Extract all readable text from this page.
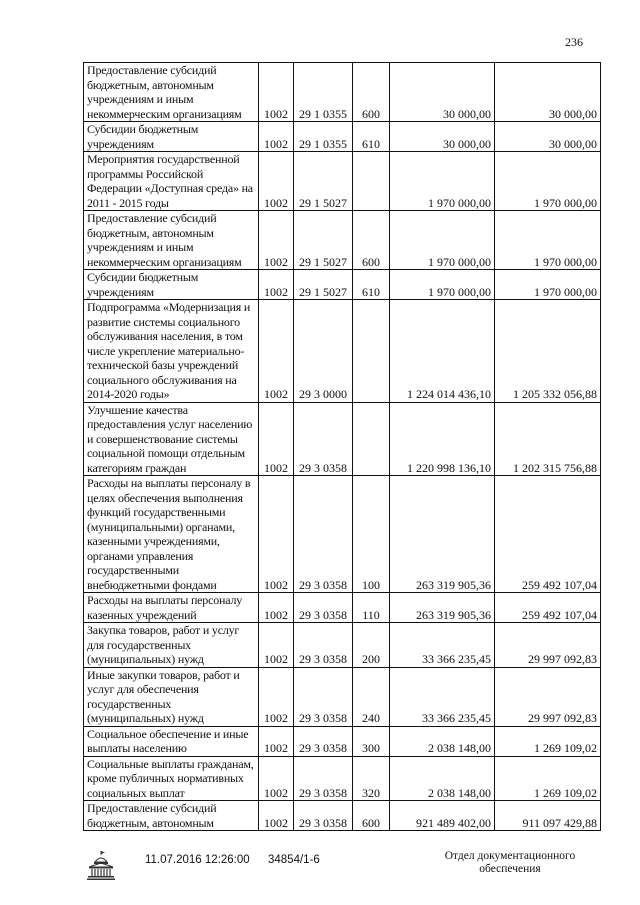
236
Предоставление субсидий бюджетным, автономным учреждениям и иным некоммерческим организациям	1002	29 1 0355	600	30 000,00	30 000,00
Субсидии бюджетным учреждениям	1002	29 1 0355	610	30 000,00	30 000,00
Мероприятия государственной программы Российской Федерации «Доступная среда» на 2011 - 2015 годы	1002	29 1 5027		1 970 000,00	1 970 000,00
Предоставление субсидий бюджетным, автономным учреждениям и иным некоммерческим организациям	1002	29 1 5027	600	1 970 000,00	1 970 000,00
Субсидии бюджетным учреждениям	1002	29 1 5027	610	1 970 000,00	1 970 000,00
Подпрограмма «Модернизация и развитие системы социального обслуживания населения, в том числе укрепление материально-технической базы учреждений социального обслуживания на 2014-2020 годы»	1002	29 3 0000		1 224 014 436,10	1 205 332 056,88
Улучшение качества предоставления услуг населению и совершенствование системы социальной помощи отдельным категориям граждан	1002	29 3 0358		1 220 998 136,10	1 202 315 756,88
Расходы на выплаты персоналу в целях обеспечения выполнения функций государственными (муниципальными) органами, казенными учреждениями, органами управления государственными внебюджетными фондами	1002	29 3 0358	100	263 319 905,36	259 492 107,04
Расходы на выплаты персоналу казенных учреждений	1002	29 3 0358	110	263 319 905,36	259 492 107,04
Закупка товаров, работ и услуг для государственных (муниципальных) нужд	1002	29 3 0358	200	33 366 235,45	29 997 092,83
Иные закупки товаров, работ и услуг для обеспечения государственных (муниципальных) нужд	1002	29 3 0358	240	33 366 235,45	29 997 092,83
Социальное обеспечение и иные выплаты населению	1002	29 3 0358	300	2 038 148,00	1 269 109,02
Социальные выплаты гражданам, кроме публичных нормативных социальных выплат	1002	29 3 0358	320	2 038 148,00	1 269 109,02
Предоставление субсидий бюджетным, автономным	1002	29 3 0358	600	921 489 402,00	911 097 429,88
11.07.2016 12:26:00 34854/1-6	Отдел документационного
обеспечения
